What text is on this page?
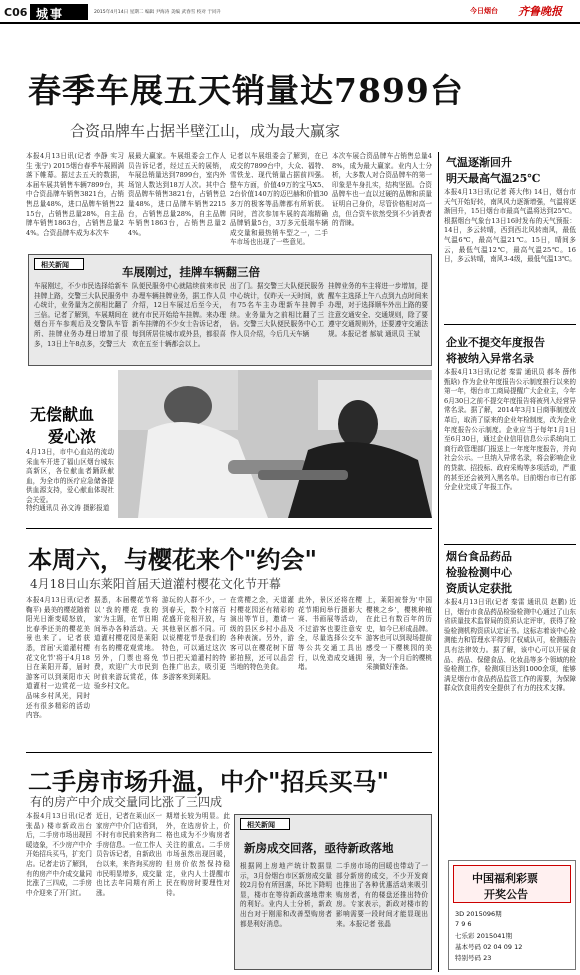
C06 城事	2015年4月14日 星期二 编辑 尹海涛 美编 武春雪 校对 于同升	今日烟台 齐鲁晚报
春季车展五天销量达7899台
合资品牌车占据半壁江山，成为最大赢家
本报4月13日讯(记者 李静 实习生 张宁) 2015烟台春季车展圆满落下帷幕。据过去五天的数据，本届车展共销售车辆7899台，其中合资品牌车销售3821台，占销售总量48%，进口品牌车销售2215台，占销售总量28%，自主品牌车销售1863台，占销售总量24%。合资品牌车成为本次车
展最大赢家。车展组委会工作人员告诉记者，经过五天的展销，车展总销量达到7899台，室内外场馆人数达到18万人次。其中合资品牌车销售3821台，占销售总量48%，进口品牌车销售2215台，占销售总量28%，自主品牌车销售1863台，占销售总量24%。
记者以车展组委会了解到，在已成交的7899台中，大众、福特、雪铁龙、现代销量占据前四强。整车方面，价值49万的宝马X5、2台价值140万的迈巴赫和价值30多万的极客等品牌都有所斩获。同时，首次参加车展的高端精确品牌销量5台，3万多元低端车辆成交量和最热销车型之一，二手车市场也出现了一些意见。
本次车展合资品牌车占销售总量48%，成为最大赢家。业内人士分析，大多数人对合资品牌车的第一印象是车身扎实，结构坚固。合资品牌车也一直以过硬的品牌和质量证明自己身价，尽管价格相对高一点，但合资车依然受到不少消费者的青睐。
相关新闻	车展刚过，挂牌车辆翻三倍
车展刚过，不少市民选择给新车挂牌上路，交警三大队民服务中心统计，业务量为之前相比翻了三倍。记者了解到，车展期间在烟台开车参观后及交警队车管所、挂牌业务办理日增加了很多，13日上午8点多，交警三大
队便民服务中心就陆续前来市民办理车辆挂牌业务，据工作人员介绍，12日车展过后至今天，就有市民开始给车挂牌。来办理新车挂牌的不少女士告诉记者，每到所居住城市或外县，都很喜欢在五至十辆都会以上。
出了门。据交警三大队便民服务中心统计，仅昨天一天时间，就有75名车主办理新车挂牌手续。业务量为之前相比翻了三倍。交警三大队便民服务中心工作人员介绍，今后几天车辆
挂牌业务的车主将进一步增加，提醒车主选择上午八点到九点时间来办理，对于选择顺车外出上路的要注意交通安全、交通规则，除了要遵守交通规则外，还要遵守交通法规。本报记者 郝斌 通讯员 王斌
无偿献血
爱心浓
4月13日，市中心血站的流动采血车开进了福山区烟台城东高新区，各位献血者踊跃献血，为全市的医疗应急储备提供血源支持，爱心献血体现社会关爱。
特约通讯员 孙文涛 摄影报道
本周六，与樱花来个"约会"
4月18日山东莱阳首届天道灌村樱花文化节开幕
本报4月13日讯(记者 鞠平) 最美的樱花随着阳光日渐变暖怒放，比春季还美的樱花美景也来了。记者获悉，首届'天道灌村樱花文化节'将于4月18日在莱阳开幕，届时游客可以到莱阳市天道灌村一边赏花一边品味乡村风光，同时还有很多精彩的活动内容。
据悉，本届樱花节将以'我的樱花 我的家'为主题，在节日期间举办各种活动。天道灌村樱花园是莱阳有名的樱花观赏地。另外，门票也将免费，欢迎广大市民到时前来游玩赏花，体验乡村文化。
游玩的人群不少，一到春天，数个村落百花盛开竞相开放，与其他景区都不同。可以说樱花节是我们的特色，可以通过这次节日把天道灌村的特色推广出去，吸引更多游客来到莱阳。
在赏樱之余，天道灌村樱花园还有精彩的演出等节目，邀请一级的县区乡村小品及各种表演。另外，游客可以在樱花树下留影拍照，还可以品尝当地的特色美食。
此外，景区还将在樱花节期间举行摄影大赛、书画展等活动，不过游客也要注意安全，尽量选择公交车等公共交通工具出行，以免造成交通拥堵。
上，莱阳被誉为'中国樱桃之乡'，樱桃种植在此已有数百年的历史，如今已形成品牌。游客也可以到现场提前感受一下樱桃园的美景，为一个月后的樱桃采摘做好准备。
二手房市场升温，中介"招兵买马"
有的房产中介成交量同比涨了三四成
本报4月13日讯(记者 张晶) 楼市新政出台后，二手房市场出现回暖迹象，不少房产中介开始招兵买马，扩充门店。记者走访了解到，有的房产中介成交量同比涨了三四成，二手房中介迎来了开门红。
近日，记者在莱山区一家房产中介门店看到，不时有市民前来咨询二手房信息。一位工作人员告诉记者，自新政出台以来，来咨询买房的市民明显增多，成交量也比去年同期有所上涨。
期增长较为明显。此外，在选房价上，价格也成为不少购房者关注的重点。二手房市场虽然出现回暖，但房价依然保持稳定，业内人士提醒市民在购房时要理性对待。
相关新闻
新房成交回落，亟待新政落地
根据网上房地产统计数据显示，3月份烟台市区新房成交量较2月份有所回落，环比下降明显，楼市在等待新政落地带来的利好。业内人士分析，新政出台对于刚需和改善型购房者都是利好消息。
二手房市场的回暖也带动了一部分新房的成交，不少开发商也推出了各种优惠活动来吸引购房者，有的楼盘还推出特价房。专家表示，新政对楼市的影响需要一段时间才能显现出来。本报记者 张晶
气温逐渐回升
明天最高气温25℃
本报4月13日讯(记者 蒋大伟) 14日，烟台市天气开始好转，南风风力逐渐增强，气温将逐渐回升，15日烟台市最高气温将达到25℃。根据烟台气象台13日16时发布的天气预报：14日，多云转晴，西到西北风转南风，最低气温6℃，最高气温21℃。15日，晴间多云，最低气温12℃，最高气温25℃。16日，多云转晴，南风3-4级，最低气温13℃。
企业不提交年度报告
将被纳入异常名录
本报4月13日讯(记者 秦雷 通讯员 郝冬 薛伟 甄晗) 作为企业年度报告公示制度推行以来的第一年，烟台市工商局提醒广大企业主，今年6月30日之前不提交年度报告将被列入经营异常名录。据了解，2014年3月1日商事制度改革后，取消了原来的企业年检制度，改为企业年度报告公示制度。企业应当于每年1月1日至6月30日，通过企业信用信息公示系统向工商行政管理部门报送上一年度年度报告，并向社会公示。一旦纳入异常名录，将会影响企业的贷款、招投标、政府采购等多项活动，严重的甚至还会被列入黑名单。目前烟台市已有部分企业完成了年报工作。
烟台食品药品
检验检测中心
资质认定获批
本报4月13日讯(记者 秦雷 通讯员 赵鹏) 近日，烟台市食品药品检验检测中心通过了山东省质量技术监督局的资质认定评审，获得了检验检测机构资质认定证书。这标志着该中心检测能力和管理水平得到了权威认可，检测报告具有法律效力。据了解，该中心可以开展食品、药品、保健食品、化妆品等多个领域的检验检测工作，检测项目达到1000余项，能够满足烟台市食品药品监管工作的需要，为保障群众饮食用药安全提供了有力的技术支撑。
中国福利彩票
开奖公告
3D 2015096期
7 9 6
七乐彩 2015041期
基本号码 02 04 09 12
特别号码 23
